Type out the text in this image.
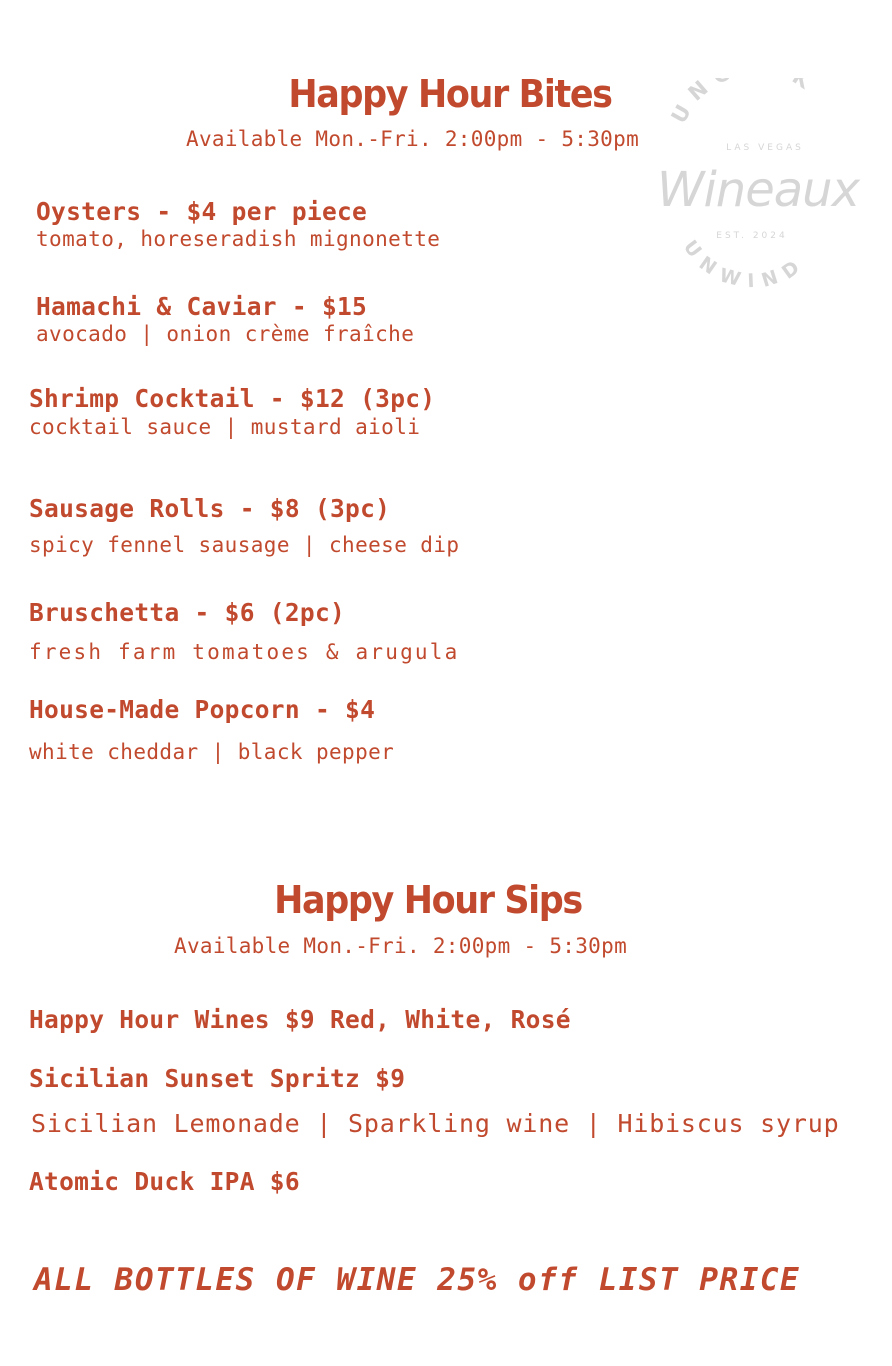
UN K
LAS VEGAS
Wineaux
EST. 2024
UNWIND
Happy Hour Bites
Available Mon.-Fri. 2:00pm - 5:30pm
Oysters - $4 per piece
tomato, horeseradish mignonette
Hamachi & Caviar - $15
avocado | onion crème fraîche
Shrimp Cocktail - $12 (3pc)
cocktail sauce | mustard aioli
Sausage Rolls - $8 (3pc)
spicy fennel sausage | cheese dip
Bruschetta - $6 (2pc)
fresh farm tomatoes & arugula
House-Made Popcorn - $4
white cheddar | black pepper
Happy Hour Sips
Available Mon.-Fri. 2:00pm - 5:30pm
Happy Hour Wines $9 Red, White, Rosé
Sicilian Sunset Spritz $9
Sicilian Lemonade | Sparkling wine | Hibiscus syrup
Atomic Duck IPA $6
ALL BOTTLES OF WINE 25% off LIST PRICE
